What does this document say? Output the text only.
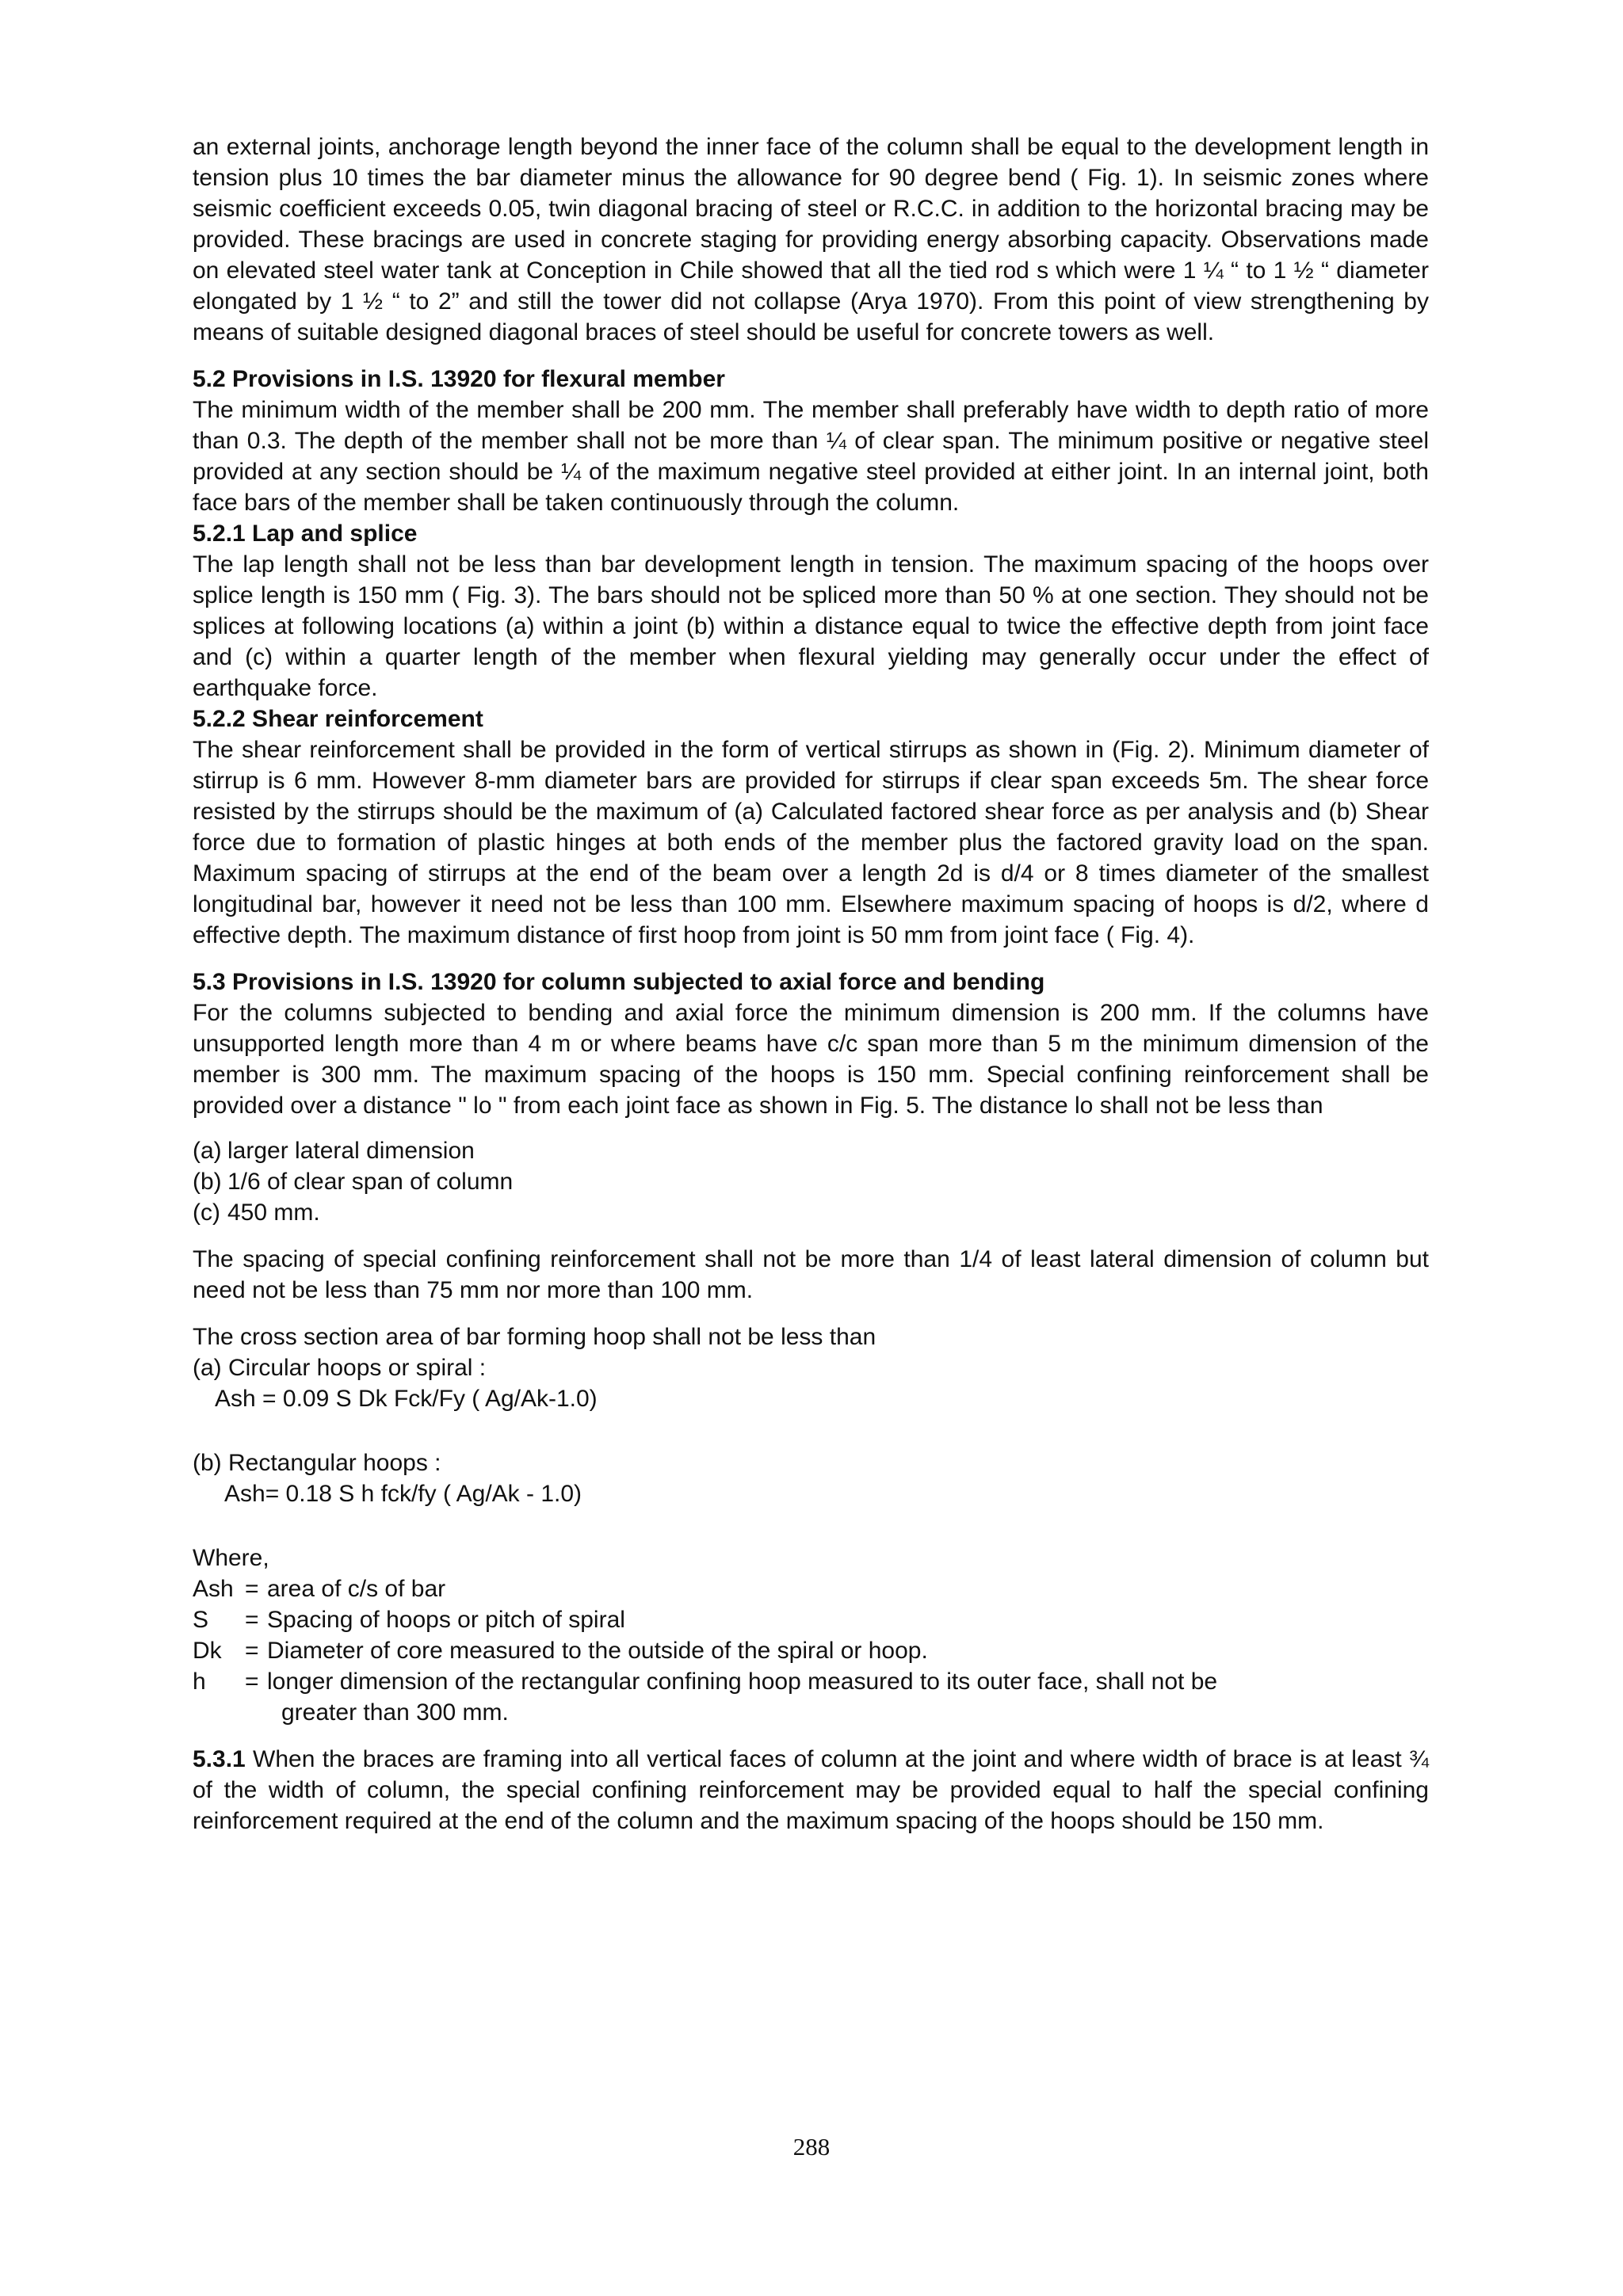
an external joints, anchorage length beyond the inner face of the column shall be equal to the development length in tension plus 10 times the bar diameter minus the allowance for 90 degree bend ( Fig. 1). In seismic zones where seismic coefficient exceeds 0.05, twin diagonal bracing of steel or R.C.C. in addition to the horizontal bracing may be provided. These bracings are used in concrete staging for providing energy absorbing capacity. Observations made on elevated steel water tank at Conception in Chile showed that all the tied rod s which were 1 ¼ “ to 1 ½ “ diameter elongated by 1 ½ “ to 2” and still the tower did not collapse (Arya 1970). From this point of view strengthening by means of suitable designed diagonal braces of steel should be useful for concrete towers as well.

5.2 Provisions in I.S. 13920 for flexural member

The minimum width of the member shall be 200 mm. The member shall preferably have width to depth ratio of more than 0.3. The depth of the member shall not be more than ¼ of clear span. The minimum positive or negative steel provided at any section should be ¼ of the maximum negative steel provided at either joint. In an internal joint, both face bars of the member shall be taken continuously through the column.

5.2.1 Lap and splice

The lap length shall not be less than bar development length in tension. The maximum spacing of the hoops over splice length is 150 mm ( Fig. 3). The bars should not be spliced more than 50 % at one section. They should not be splices at following locations (a) within a joint (b) within a distance equal to twice the effective depth from joint face and (c) within a quarter length of the member when flexural yielding may generally occur under the effect of earthquake force.

5.2.2 Shear reinforcement

The shear reinforcement shall be provided in the form of vertical stirrups as shown in (Fig. 2). Minimum diameter of stirrup is 6 mm. However 8-mm diameter bars are provided for stirrups if clear span exceeds 5m. The shear force resisted by the stirrups should be the maximum of (a) Calculated factored shear force as per analysis and (b) Shear force due to formation of plastic hinges at both ends of the member plus the factored gravity load on the span. Maximum spacing of stirrups at the end of the beam over a length 2d is d/4 or 8 times diameter of the smallest longitudinal bar, however it need not be less than 100 mm. Elsewhere maximum spacing of hoops is d/2, where d effective depth. The maximum distance of first hoop from joint is 50 mm from joint face ( Fig. 4).

5.3 Provisions in I.S. 13920 for column subjected to axial force and bending

For the columns subjected to bending and axial force the minimum dimension is 200 mm. If the columns have unsupported length more than 4 m or where beams have c/c span more than 5 m the minimum dimension of the member is 300 mm. The maximum spacing of the hoops is 150 mm. Special confining reinforcement shall be provided over a distance " lo " from each joint face as shown in Fig. 5. The distance lo shall not be less than

(a) larger lateral dimension
(b) 1/6 of clear span of column
(c) 450 mm.

The spacing of special confining reinforcement shall not be more than 1/4 of least lateral dimension of column but need not be less than 75 mm nor more than 100 mm.

The cross section area of bar forming hoop shall not be less than

(a) Circular hoops or spiral :

Ash = 0.09 S Dk Fck/Fy ( Ag/Ak-1.0)

(b) Rectangular hoops :

Ash= 0.18 S h fck/fy ( Ag/Ak - 1.0)

Where,

Ash = area of c/s of bar
S	= Spacing of hoops or pitch of spiral
Dk = Diameter of core measured to the outside of the spiral or hoop.
h	= longer dimension of the rectangular confining hoop measured to its outer face, shall not be

greater than 300 mm.

5.3.1 When the braces are framing into all vertical faces of column at the joint and where width of brace is at least ¾ of the width of column, the special confining reinforcement may be provided equal to half the special confining reinforcement required at the end of the column and the maximum spacing of the hoops should be 150 mm.

288
